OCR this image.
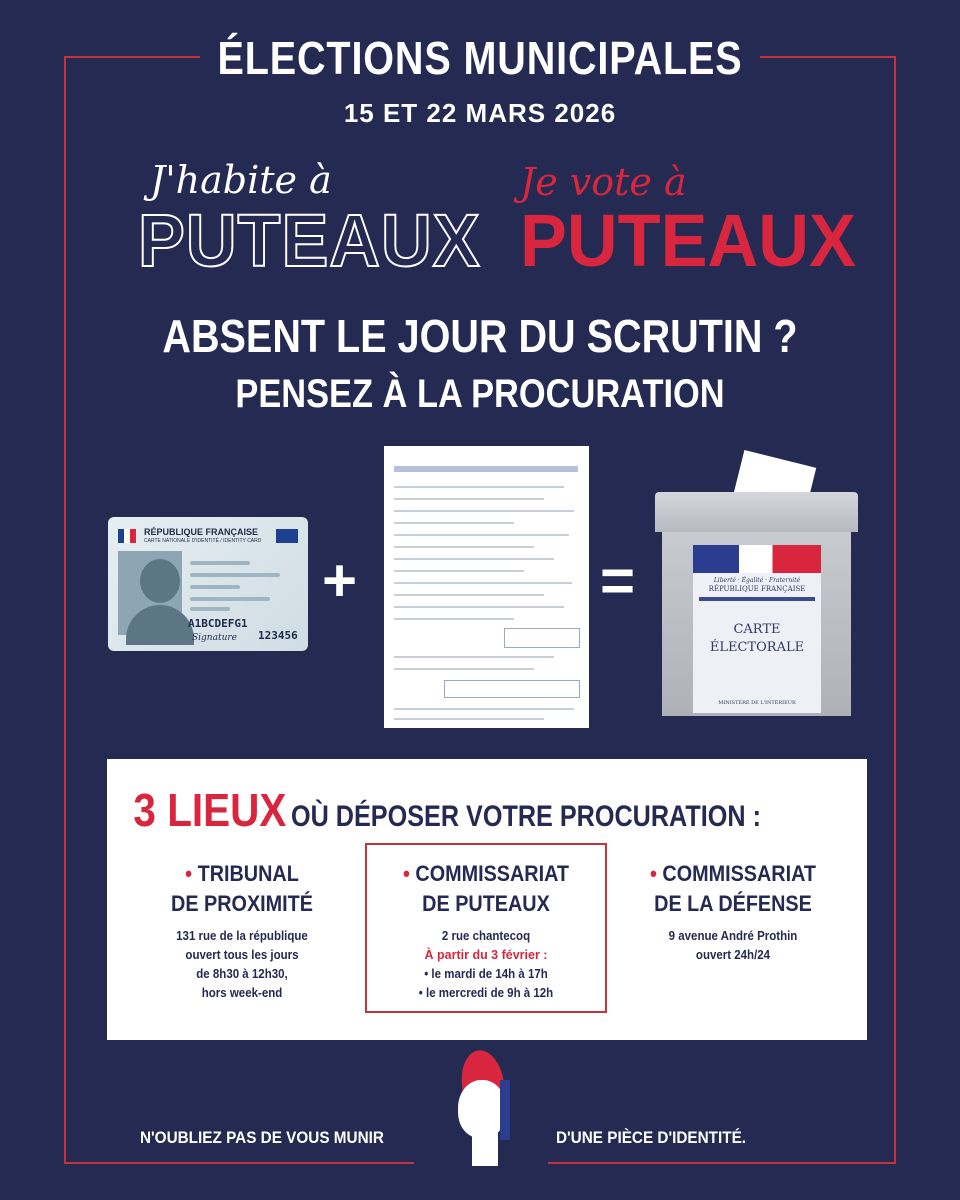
ÉLECTIONS MUNICIPALES
15 ET 22 MARS 2026
J'habite à
PUTEAUX
Je vote à
PUTEAUX
ABSENT LE JOUR DU SCRUTIN ?
PENSEZ À LA PROCURATION
RÉPUBLIQUE FRANÇAISE
CARTE NATIONALE D'IDENTITÉ / IDENTITY CARD
A1BCDEFG1
Signature 123456
+	=	Liberté · Égalité · Fraternité
RÉPUBLIQUE FRANÇAISE
CARTE
ÉLECTORALE
MINISTÈRE DE L'INTÉRIEUR
3 LIEUX OÙ DÉPOSER VOTRE PROCURATION :
• TRIBUNAL
DE PROXIMITÉ
131 rue de la république
ouvert tous les jours
de 8h30 à 12h30,
hors week-end
• COMMISSARIAT
DE PUTEAUX
2 rue chantecoq
À partir du 3 février :
• le mardi de 14h à 17h
• le mercredi de 9h à 12h
• COMMISSARIAT
DE LA DÉFENSE
9 avenue André Prothin
ouvert 24h/24
N'OUBLIEZ PAS DE VOUS MUNIR	D'UNE PIÈCE D'IDENTITÉ.
